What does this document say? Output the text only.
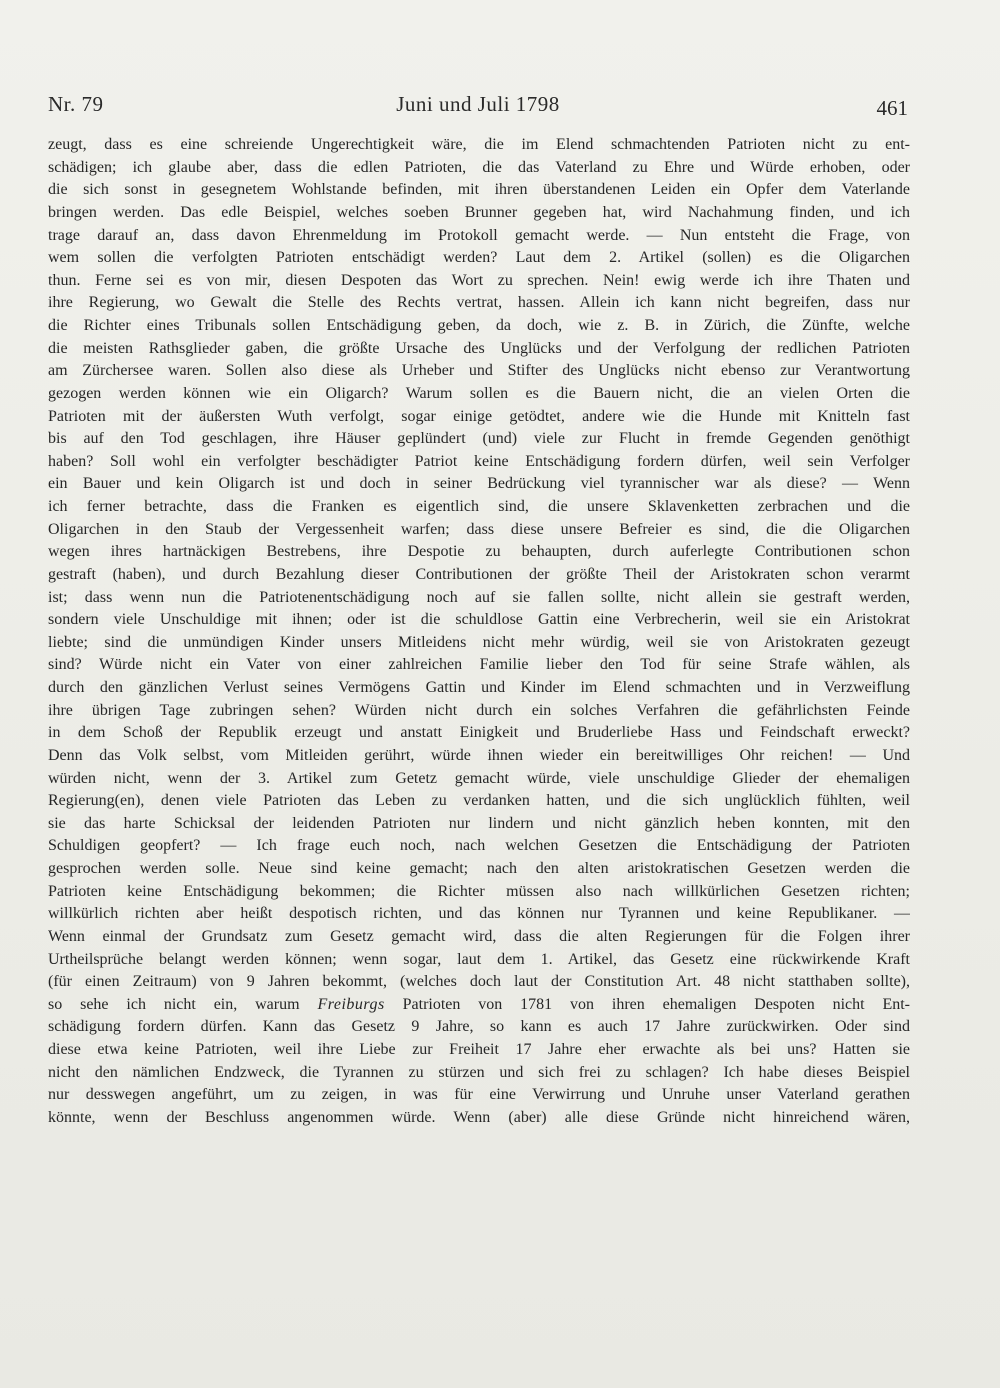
Nr. 79	Juni und Juli 1798	461
zeugt, dass es eine schreiende Ungerechtigkeit wäre, die im Elend schmachtenden Patrioten nicht zu ent-
schädigen; ich glaube aber, dass die edlen Patrioten, die das Vaterland zu Ehre und Würde erhoben, oder
die sich sonst in gesegnetem Wohlstande befinden, mit ihren überstandenen Leiden ein Opfer dem Vaterlande
bringen werden. Das edle Beispiel, welches soeben Brunner gegeben hat, wird Nachahmung finden, und ich
trage darauf an, dass davon Ehrenmeldung im Protokoll gemacht werde. — Nun entsteht die Frage, von
wem sollen die verfolgten Patrioten entschädigt werden? Laut dem 2. Artikel (sollen) es die Oligarchen
thun. Ferne sei es von mir, diesen Despoten das Wort zu sprechen. Nein! ewig werde ich ihre Thaten und
ihre Regierung, wo Gewalt die Stelle des Rechts vertrat, hassen. Allein ich kann nicht begreifen, dass nur
die Richter eines Tribunals sollen Entschädigung geben, da doch, wie z. B. in Zürich, die Zünfte, welche
die meisten Rathsglieder gaben, die größte Ursache des Unglücks und der Verfolgung der redlichen Patrioten
am Zürchersee waren. Sollen also diese als Urheber und Stifter des Unglücks nicht ebenso zur Verantwortung
gezogen werden können wie ein Oligarch? Warum sollen es die Bauern nicht, die an vielen Orten die
Patrioten mit der äußersten Wuth verfolgt, sogar einige getödtet, andere wie die Hunde mit Knitteln fast
bis auf den Tod geschlagen, ihre Häuser geplündert (und) viele zur Flucht in fremde Gegenden genöthigt
haben? Soll wohl ein verfolgter beschädigter Patriot keine Entschädigung fordern dürfen, weil sein Verfolger
ein Bauer und kein Oligarch ist und doch in seiner Bedrückung viel tyrannischer war als diese? — Wenn
ich ferner betrachte, dass die Franken es eigentlich sind, die unsere Sklavenketten zerbrachen und die
Oligarchen in den Staub der Vergessenheit warfen; dass diese unsere Befreier es sind, die die Oligarchen
wegen ihres hartnäckigen Bestrebens, ihre Despotie zu behaupten, durch auferlegte Contributionen schon
gestraft (haben), und durch Bezahlung dieser Contributionen der größte Theil der Aristokraten schon verarmt
ist; dass wenn nun die Patriotenentschädigung noch auf sie fallen sollte, nicht allein sie gestraft werden,
sondern viele Unschuldige mit ihnen; oder ist die schuldlose Gattin eine Verbrecherin, weil sie ein Aristokrat
liebte; sind die unmündigen Kinder unsers Mitleidens nicht mehr würdig, weil sie von Aristokraten gezeugt
sind? Würde nicht ein Vater von einer zahlreichen Familie lieber den Tod für seine Strafe wählen, als
durch den gänzlichen Verlust seines Vermögens Gattin und Kinder im Elend schmachten und in Verzweiflung
ihre übrigen Tage zubringen sehen? Würden nicht durch ein solches Verfahren die gefährlichsten Feinde
in dem Schoß der Republik erzeugt und anstatt Einigkeit und Bruderliebe Hass und Feindschaft erweckt?
Denn das Volk selbst, vom Mitleiden gerührt, würde ihnen wieder ein bereitwilliges Ohr reichen! — Und
würden nicht, wenn der 3. Artikel zum Getetz gemacht würde, viele unschuldige Glieder der ehemaligen
Regierung(en), denen viele Patrioten das Leben zu verdanken hatten, und die sich unglücklich fühlten, weil
sie das harte Schicksal der leidenden Patrioten nur lindern und nicht gänzlich heben konnten, mit den
Schuldigen geopfert? — Ich frage euch noch, nach welchen Gesetzen die Entschädigung der Patrioten
gesprochen werden solle. Neue sind keine gemacht; nach den alten aristokratischen Gesetzen werden die
Patrioten keine Entschädigung bekommen; die Richter müssen also nach willkürlichen Gesetzen richten;
willkürlich richten aber heißt despotisch richten, und das können nur Tyrannen und keine Republikaner. —
Wenn einmal der Grundsatz zum Gesetz gemacht wird, dass die alten Regierungen für die Folgen ihrer
Urtheilsprüche belangt werden können; wenn sogar, laut dem 1. Artikel, das Gesetz eine rückwirkende Kraft
(für einen Zeitraum) von 9 Jahren bekommt, (welches doch laut der Constitution Art. 48 nicht statthaben sollte),
so sehe ich nicht ein, warum Freiburgs Patrioten von 1781 von ihren ehemaligen Despoten nicht Ent-
schädigung fordern dürfen. Kann das Gesetz 9 Jahre, so kann es auch 17 Jahre zurückwirken. Oder sind
diese etwa keine Patrioten, weil ihre Liebe zur Freiheit 17 Jahre eher erwachte als bei uns? Hatten sie
nicht den nämlichen Endzweck, die Tyrannen zu stürzen und sich frei zu schlagen? Ich habe dieses Beispiel
nur desswegen angeführt, um zu zeigen, in was für eine Verwirrung und Unruhe unser Vaterland gerathen
könnte, wenn der Beschluss angenommen würde. Wenn (aber) alle diese Gründe nicht hinreichend wären,
